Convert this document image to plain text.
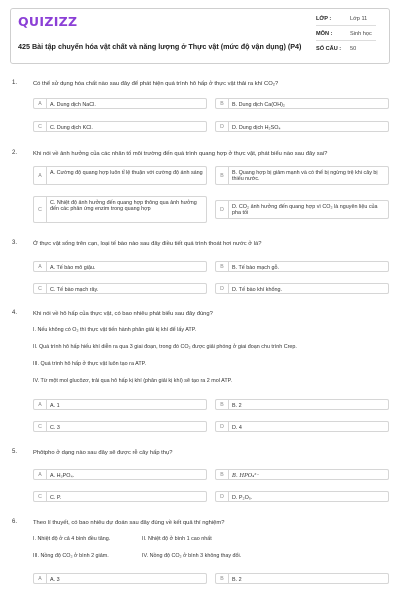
QUIZIZZ
425 Bài tập chuyển hóa vật chất và năng lượng ở Thực vật (mức độ vận dụng) (P4)
LỚP :	Lớp 11
MÔN :	Sinh học
SỐ CÂU : 50
1.	Có thể sử dụng hóa chất nào sau đây để phát hiện quá trình hô hấp ở thực vật thải ra khí CO₂?
A	A. Dung dịch NaCl.	B	B. Dung dịch Ca(OH)₂
C	C. Dung dịch KCl.	D	D. Dung dịch H₂SO₄
2.	Khi nói về ảnh hưởng của các nhân tố môi trường đến quá trình quang hợp ở thực vật, phát biểu nào sau đây sai?
A	A. Cường độ quang hợp luôn tỉ lệ thuận với cường độ ánh sáng	B	B. Quang hợp bị giảm mạnh và có thể bị ngừng trệ khi cây bị thiếu nước.
C
C. Nhiệt độ ảnh hưởng đến quang hợp thông qua ảnh hưởng đến các phản ứng enzim trong quang hợp	D	D. CO₂ ảnh hưởng đến quang hợp vì CO₂ là nguyên liệu của pha tối
3.	Ở thực vật sống trên cạn, loại tế bào nào sau đây điều tiết quá trình thoát hơi nước ở lá?
A	A. Tế bào mô giậu.	B	B. Tế bào mạch gỗ.
C	C. Tế bào mạch rây.	D	D. Tế bào khí khổng.
4.	Khi nói về hô hấp của thực vật, có bao nhiêu phát biểu sau đây đúng?
I. Nếu không có O₂ thì thực vật tiến hành phân giải kị khí để lấy ATP.
II. Quá trình hô hấp hiếu khí diễn ra qua 3 giai đoạn, trong đó CO₂ được giải phóng ở giai đoạn chu trình Crep.
III. Quá trình hô hấp ở thực vật luôn tạo ra ATP.
IV. Từ một mol glucôzơ, trải qua hô hấp kị khí (phân giải kị khí) sẽ tạo ra 2 mol ATP.
A	A. 1	B	B. 2
C	C. 3	D	D. 4
5.	Phôtpho ở dạng nào sau đây sẽ được rễ cây hấp thụ?
A	A. H₃PO₄.	B	B. HPO₄²⁻
C	C. P.	D	D. P₂O₅.
6.	Theo lí thuyết, có bao nhiêu dự đoán sau đây đúng về kết quả thí nghiệm?
I. Nhiệt độ ở cả 4 bình đều tăng.	II. Nhiệt độ ở bình 1 cao nhất
III. Nồng độ CO₂ ở bình 2 giảm.	IV. Nồng độ CO₂ ở bình 3 không thay đổi.
A	A. 3	B	B. 2
